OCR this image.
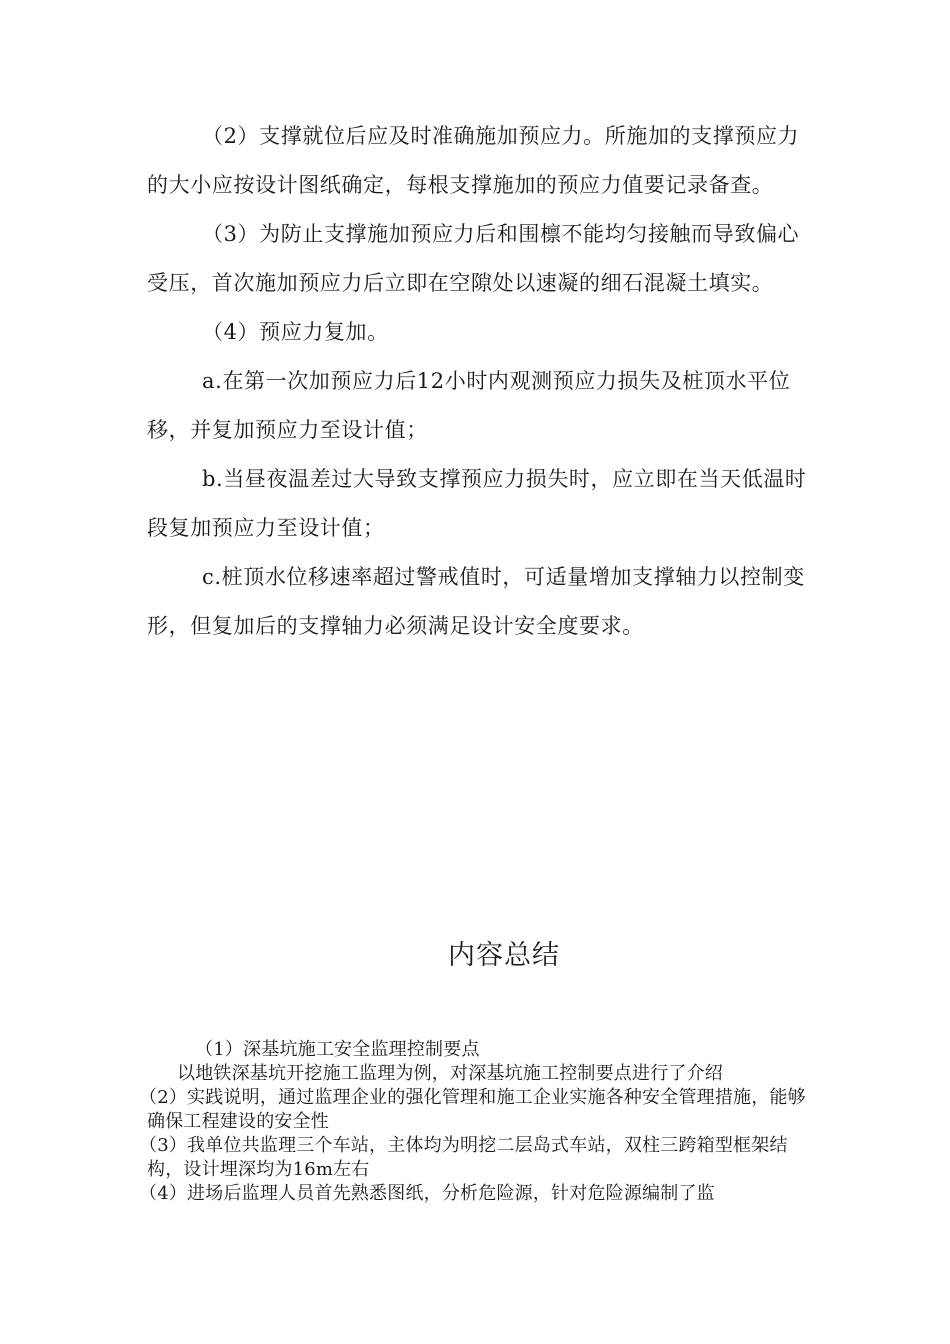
（2）支撑就位后应及时准确施加预应力。所施加的支撑预应力的大小应按设计图纸确定，每根支撑施加的预应力值要记录备查。

（3）为防止支撑施加预应力后和围檩不能均匀接触而导致偏心受压，首次施加预应力后立即在空隙处以速凝的细石混凝土填实。

（4）预应力复加。

a.在第一次加预应力后12小时内观测预应力损失及桩顶水平位移，并复加预应力至设计值；

b.当昼夜温差过大导致支撑预应力损失时，应立即在当天低温时段复加预应力至设计值；

c.桩顶水位移速率超过警戒值时，可适量增加支撑轴力以控制变形，但复加后的支撑轴力必须满足设计安全度要求。

内容总结

（1）深基坑施工安全监理控制要点

以地铁深基坑开挖施工监理为例，对深基坑施工控制要点进行了介绍

（2）实践说明，通过监理企业的强化管理和施工企业实施各种安全管理措施，能够确保工程建设的安全性

（3）我单位共监理三个车站，主体均为明挖二层岛式车站，双柱三跨箱型框架结构，设计埋深均为16m左右

（4）进场后监理人员首先熟悉图纸，分析危险源，针对危险源编制了监
